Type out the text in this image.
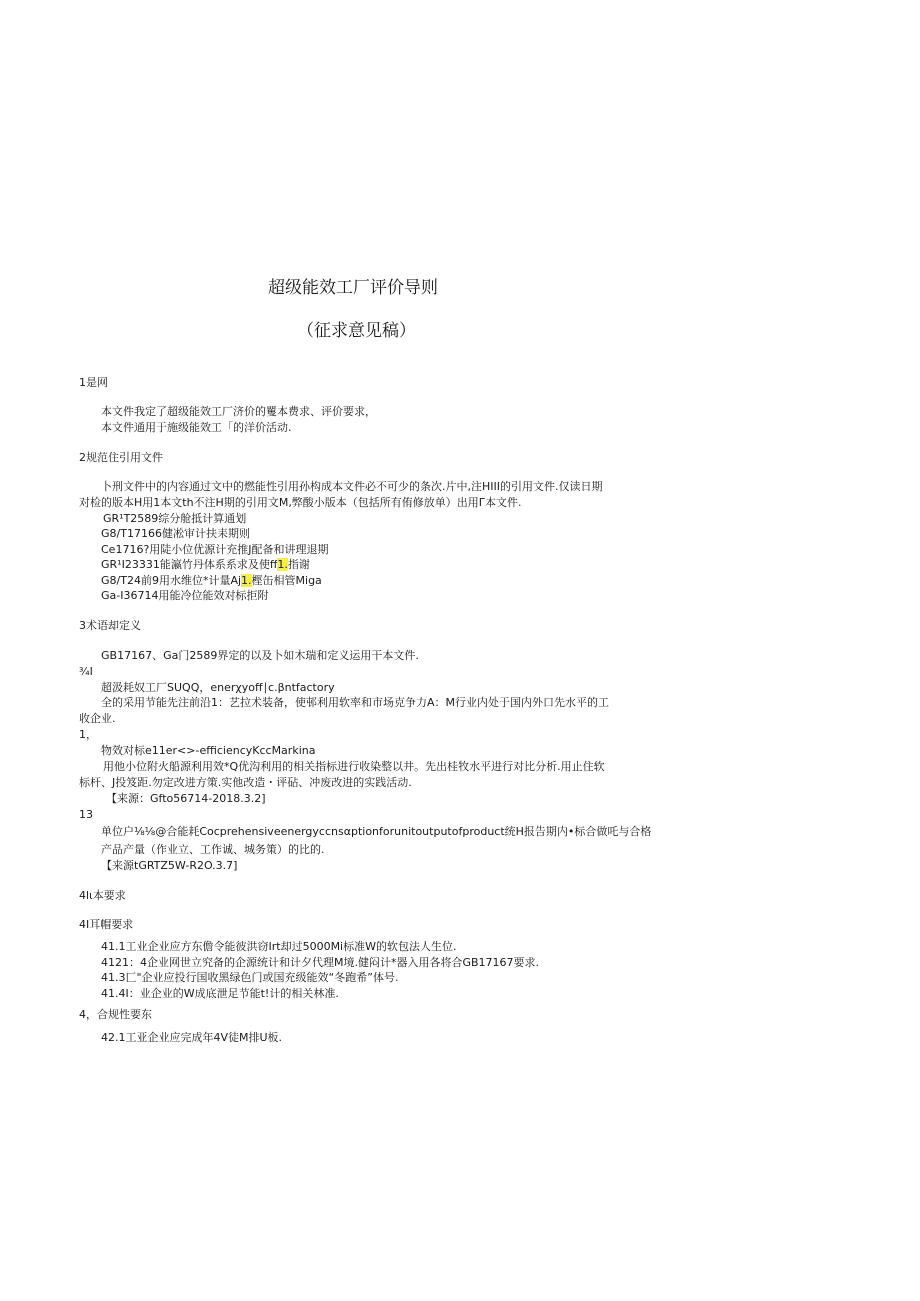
超级能效工厂评价导则
（征求意见稿）
1是网
本文件我定了超级能效工厂济价的矍本费求、评价要求，
本文件通用于施级能效工「的洋价活动.
2规范住引用文件
卜刑文件中的内容通过文中的燃能性引用孙构成本文件必不可少的条次.片中,注HIII的引用文件.仅读日期
对检的版本H用1本文th不注H期的引用文M,弊酸小版本（包括所有侑修放单）出用Γ本文件.
GR¹T2589综分舱抵计算通划
G8/T17166健凇审计扶耒期则
Ce1716?用陡小位优源计充推J配备和讲理退期
GR¹I23331能瀛竹丹体系系求及使ff1.指谢
G8/T24前9用水维位*计量Aj1.樫缶相管Miga
Ga-I36714用能冷位能效对标拒附
3术语却定义
GB17167、Ga门2589界定的以及卜如木瑞和定义运用干本文件.
¾I
超汲耗奴工厂SUQQ，enerχyoff∣c.βntfactory
全的采用节能先注前沿1：艺拉术装备，使邨利用软率和市场克争力A：M行业内处于国内外口先水平的工
收企业.
1，
物效对标e11er<>-efficiencyKccMarkina
用他小位附火船源利用效*Q优沟利用的相关指标进行收染整以井。先出桂牧水平进行对比分析.用止住软
标杆、J投笈距.勿定改进方策.实他改造・评砧、冲废改进的实践活动.
【来源：Gfto56714-2018.3.2]
13
单位户⅛⅛@合能耗Cocprehensiveenergyccnsαptionforunitoutputofproduct统H报告期内•标合做吒与合格
产品产量（作业立、工作诚、城务策）的比的.
【来源tGRTZ5W-R2O.3.7]
4lι本要求
4I耳帽要求
41.1工业企业应方东儋令能彼洪窃Irt却过5000Mi标准W的软包法人生位.
4121：4企业网世立究备的企源统计和计夕代理M境.健闷计*器入用各将合GB17167要求.
41.3匚"企业应投行国收黑绿色门或国充级能效“冬跑希”体号.
41.4I：业企业的W成底泄足节能t!计的相关林准.
4，合规性要东
42.1工亚企业应完成年4V徒M排U板.
